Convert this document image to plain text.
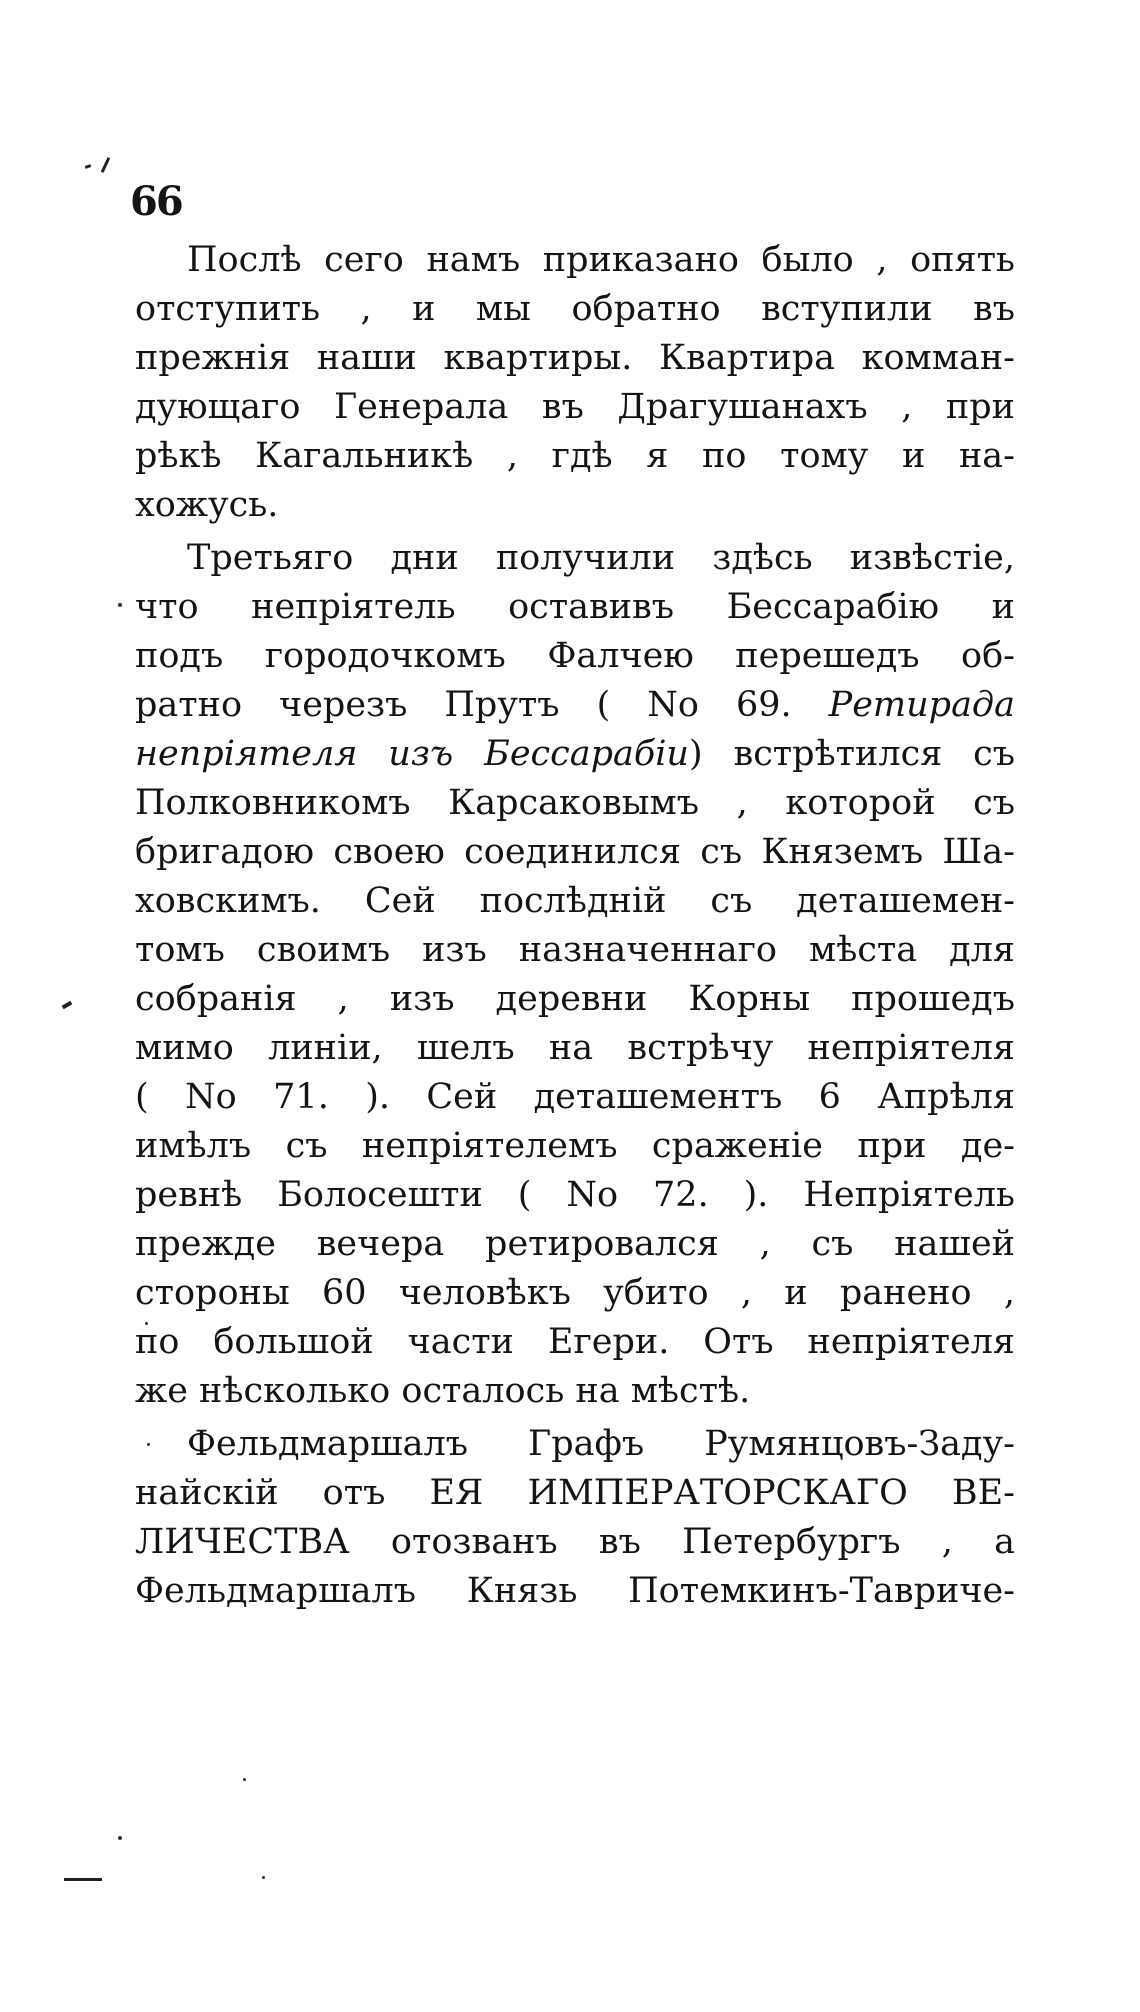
66
Послѣ сего намъ приказано было , опять
отступить , и мы обратно вступили въ
прежнія наши квартиры. Квартира комман-
дующаго Генерала въ Драгушанахъ , при
рѣкѣ Кагальникѣ , гдѣ я по тому и на-
хожусь.
Третьяго дни получили здѣсь извѣстіе,
что непріятель оставивъ Бессарабію и
подъ городочкомъ Фалчею перешедъ об-
ратно черезъ Прутъ ( No 69. Ретирада
непріятеля изъ Бессарабіи) встрѣтился съ
Полковникомъ Карсаковымъ , которой съ
бригадою своею соединился съ Княземъ Ша-
ховскимъ. Сей послѣдній съ деташемен-
томъ своимъ изъ назначеннаго мѣста для
собранія , изъ деревни Корны прошедъ
мимо линіи, шелъ на встрѣчу непріятеля
( No 71. ). Сей деташементъ 6 Апрѣля
имѣлъ съ непріятелемъ сраженіе при де-
ревнѣ Болосешти ( No 72. ). Непріятель
прежде вечера ретировался , съ нашей
стороны 60 человѣкъ убито , и ранено ,
по большой части Егери. Отъ непріятеля
же нѣсколько осталось на мѣстѣ.
Фельдмаршалъ Графъ Румянцовъ-Заду-
найскій отъ ЕЯ ИМПЕРАТОРСКАГО ВЕ-
ЛИЧЕСТВА отозванъ въ Петербургъ , а
Фельдмаршалъ Князь Потемкинъ-Тавриче-
